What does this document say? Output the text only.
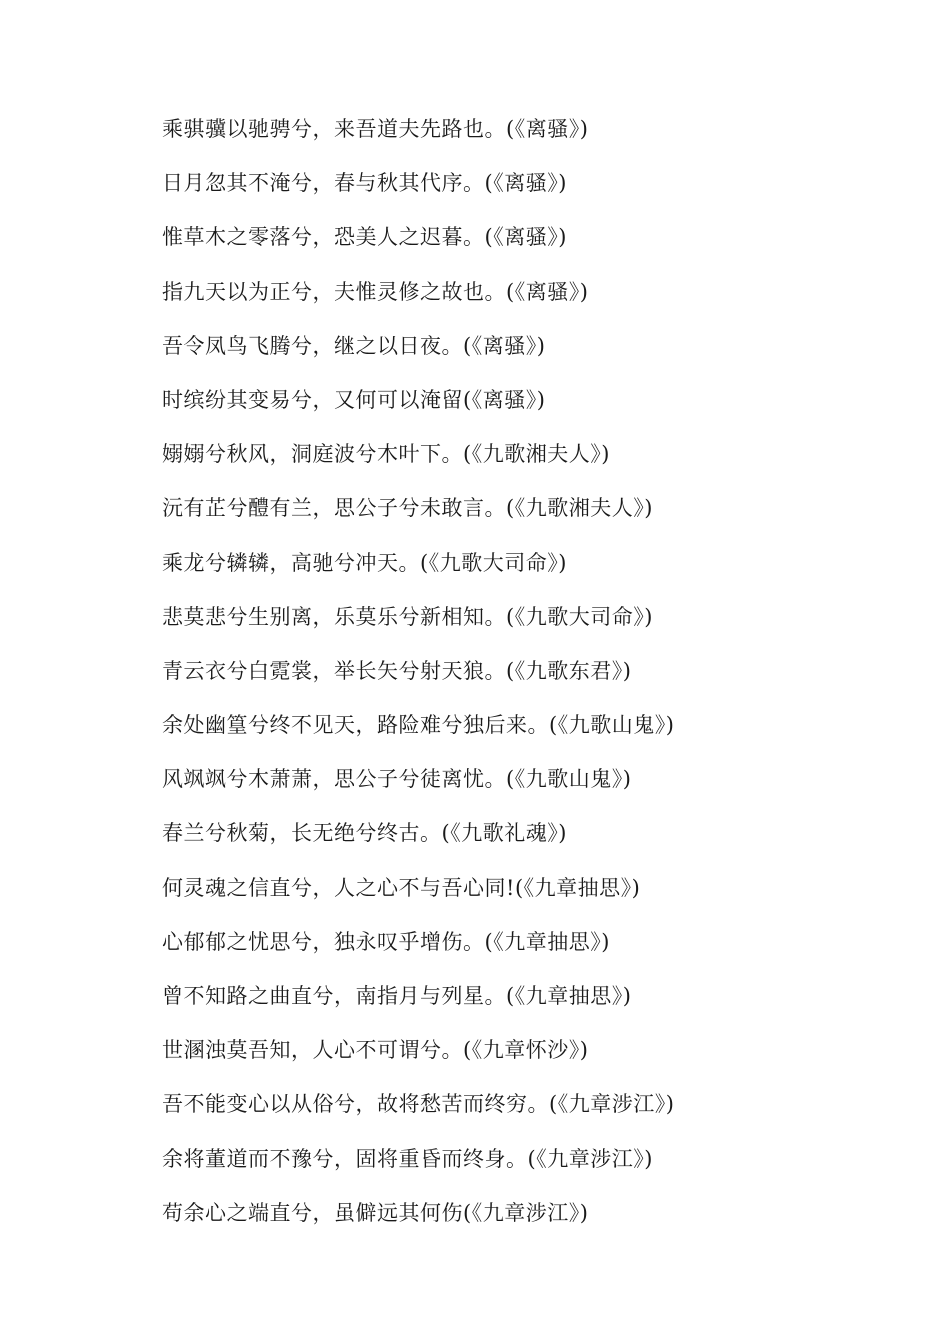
乘骐骥以驰骋兮，来吾道夫先路也。(《离骚》)
日月忽其不淹兮，春与秋其代序。(《离骚》)
惟草木之零落兮，恐美人之迟暮。(《离骚》)
指九天以为正兮，夫惟灵修之故也。(《离骚》)
吾令凤鸟飞腾兮，继之以日夜。(《离骚》)
时缤纷其变易兮，又何可以淹留(《离骚》)
嫋嫋兮秋风，洞庭波兮木叶下。(《九歌湘夫人》)
沅有芷兮醴有兰，思公子兮未敢言。(《九歌湘夫人》)
乘龙兮辚辚，高驰兮冲天。(《九歌大司命》)
悲莫悲兮生别离，乐莫乐兮新相知。(《九歌大司命》)
青云衣兮白霓裳，举长矢兮射天狼。(《九歌东君》)
余处幽篁兮终不见天，路险难兮独后来。(《九歌山鬼》)
风飒飒兮木萧萧，思公子兮徒离忧。(《九歌山鬼》)
春兰兮秋菊，长无绝兮终古。(《九歌礼魂》)
何灵魂之信直兮，人之心不与吾心同!(《九章抽思》)
心郁郁之忧思兮，独永叹乎增伤。(《九章抽思》)
曾不知路之曲直兮，南指月与列星。(《九章抽思》)
世溷浊莫吾知，人心不可谓兮。(《九章怀沙》)
吾不能变心以从俗兮，故将愁苦而终穷。(《九章涉江》)
余将董道而不豫兮，固将重昏而终身。(《九章涉江》)
苟余心之端直兮，虽僻远其何伤(《九章涉江》)
